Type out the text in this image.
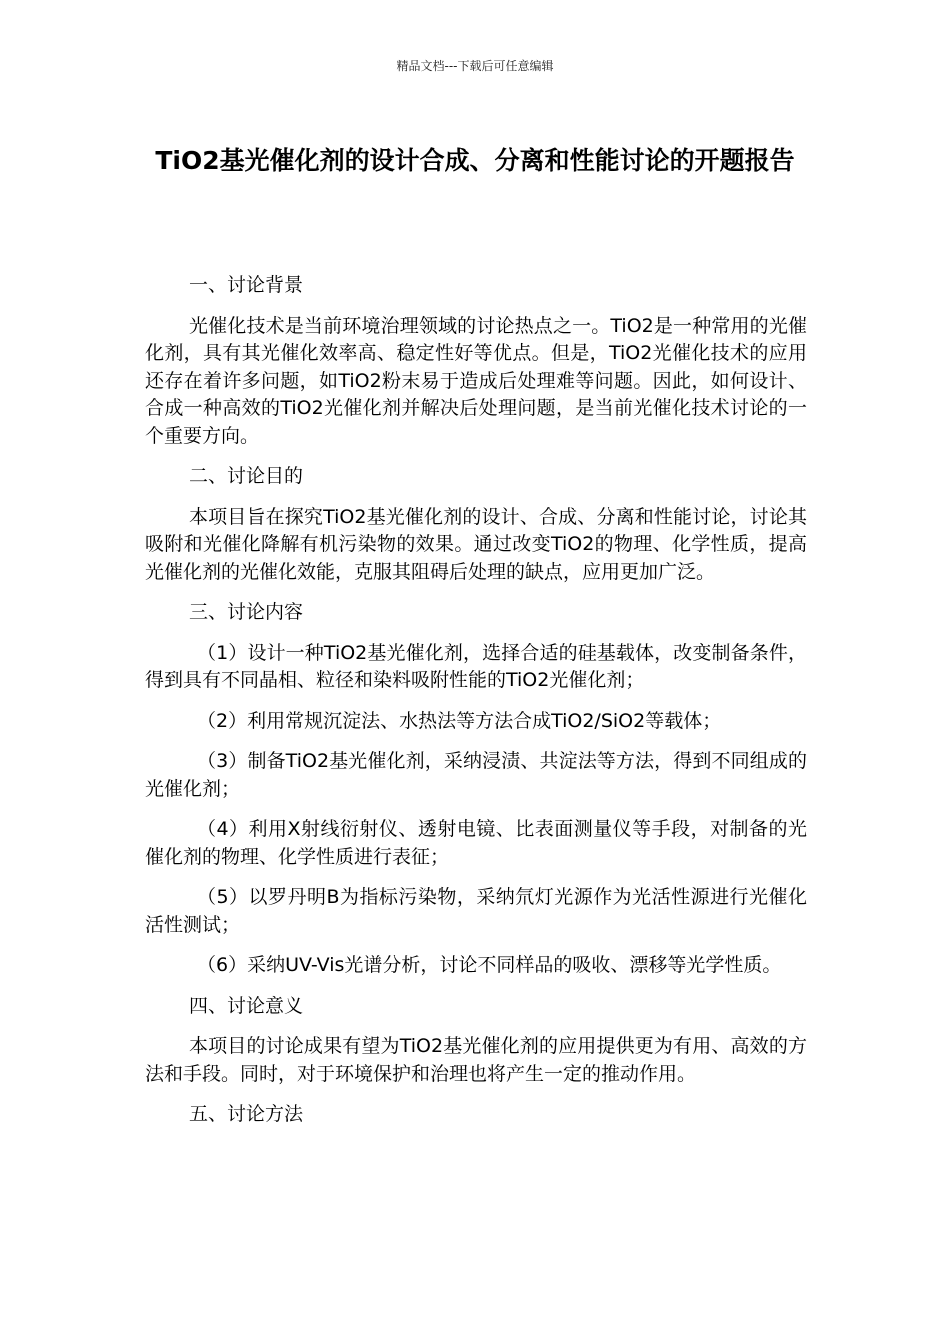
精品文档---下载后可任意编辑
TiO2基光催化剂的设计合成、分离和性能讨论的开题报告

一、讨论背景

光催化技术是当前环境治理领域的讨论热点之一。TiO2是一种常用的光催化剂，具有其光催化效率高、稳定性好等优点。但是，TiO2光催化技术的应用还存在着许多问题，如TiO2粉末易于造成后处理难等问题。因此，如何设计、合成一种高效的TiO2光催化剂并解决后处理问题，是当前光催化技术讨论的一个重要方向。

二、讨论目的

本项目旨在探究TiO2基光催化剂的设计、合成、分离和性能讨论，讨论其吸附和光催化降解有机污染物的效果。通过改变TiO2的物理、化学性质，提高光催化剂的光催化效能，克服其阻碍后处理的缺点，应用更加广泛。

三、讨论内容

（1）设计一种TiO2基光催化剂，选择合适的硅基载体，改变制备条件，得到具有不同晶相、粒径和染料吸附性能的TiO2光催化剂；

（2）利用常规沉淀法、水热法等方法合成TiO2/SiO2等载体；

（3）制备TiO2基光催化剂，采纳浸渍、共淀法等方法，得到不同组成的光催化剂；

（4）利用X射线衍射仪、透射电镜、比表面测量仪等手段，对制备的光催化剂的物理、化学性质进行表征；

（5）以罗丹明B为指标污染物，采纳氘灯光源作为光活性源进行光催化活性测试；

（6）采纳UV-Vis光谱分析，讨论不同样品的吸收、漂移等光学性质。

四、讨论意义

本项目的讨论成果有望为TiO2基光催化剂的应用提供更为有用、高效的方法和手段。同时，对于环境保护和治理也将产生一定的推动作用。

五、讨论方法
